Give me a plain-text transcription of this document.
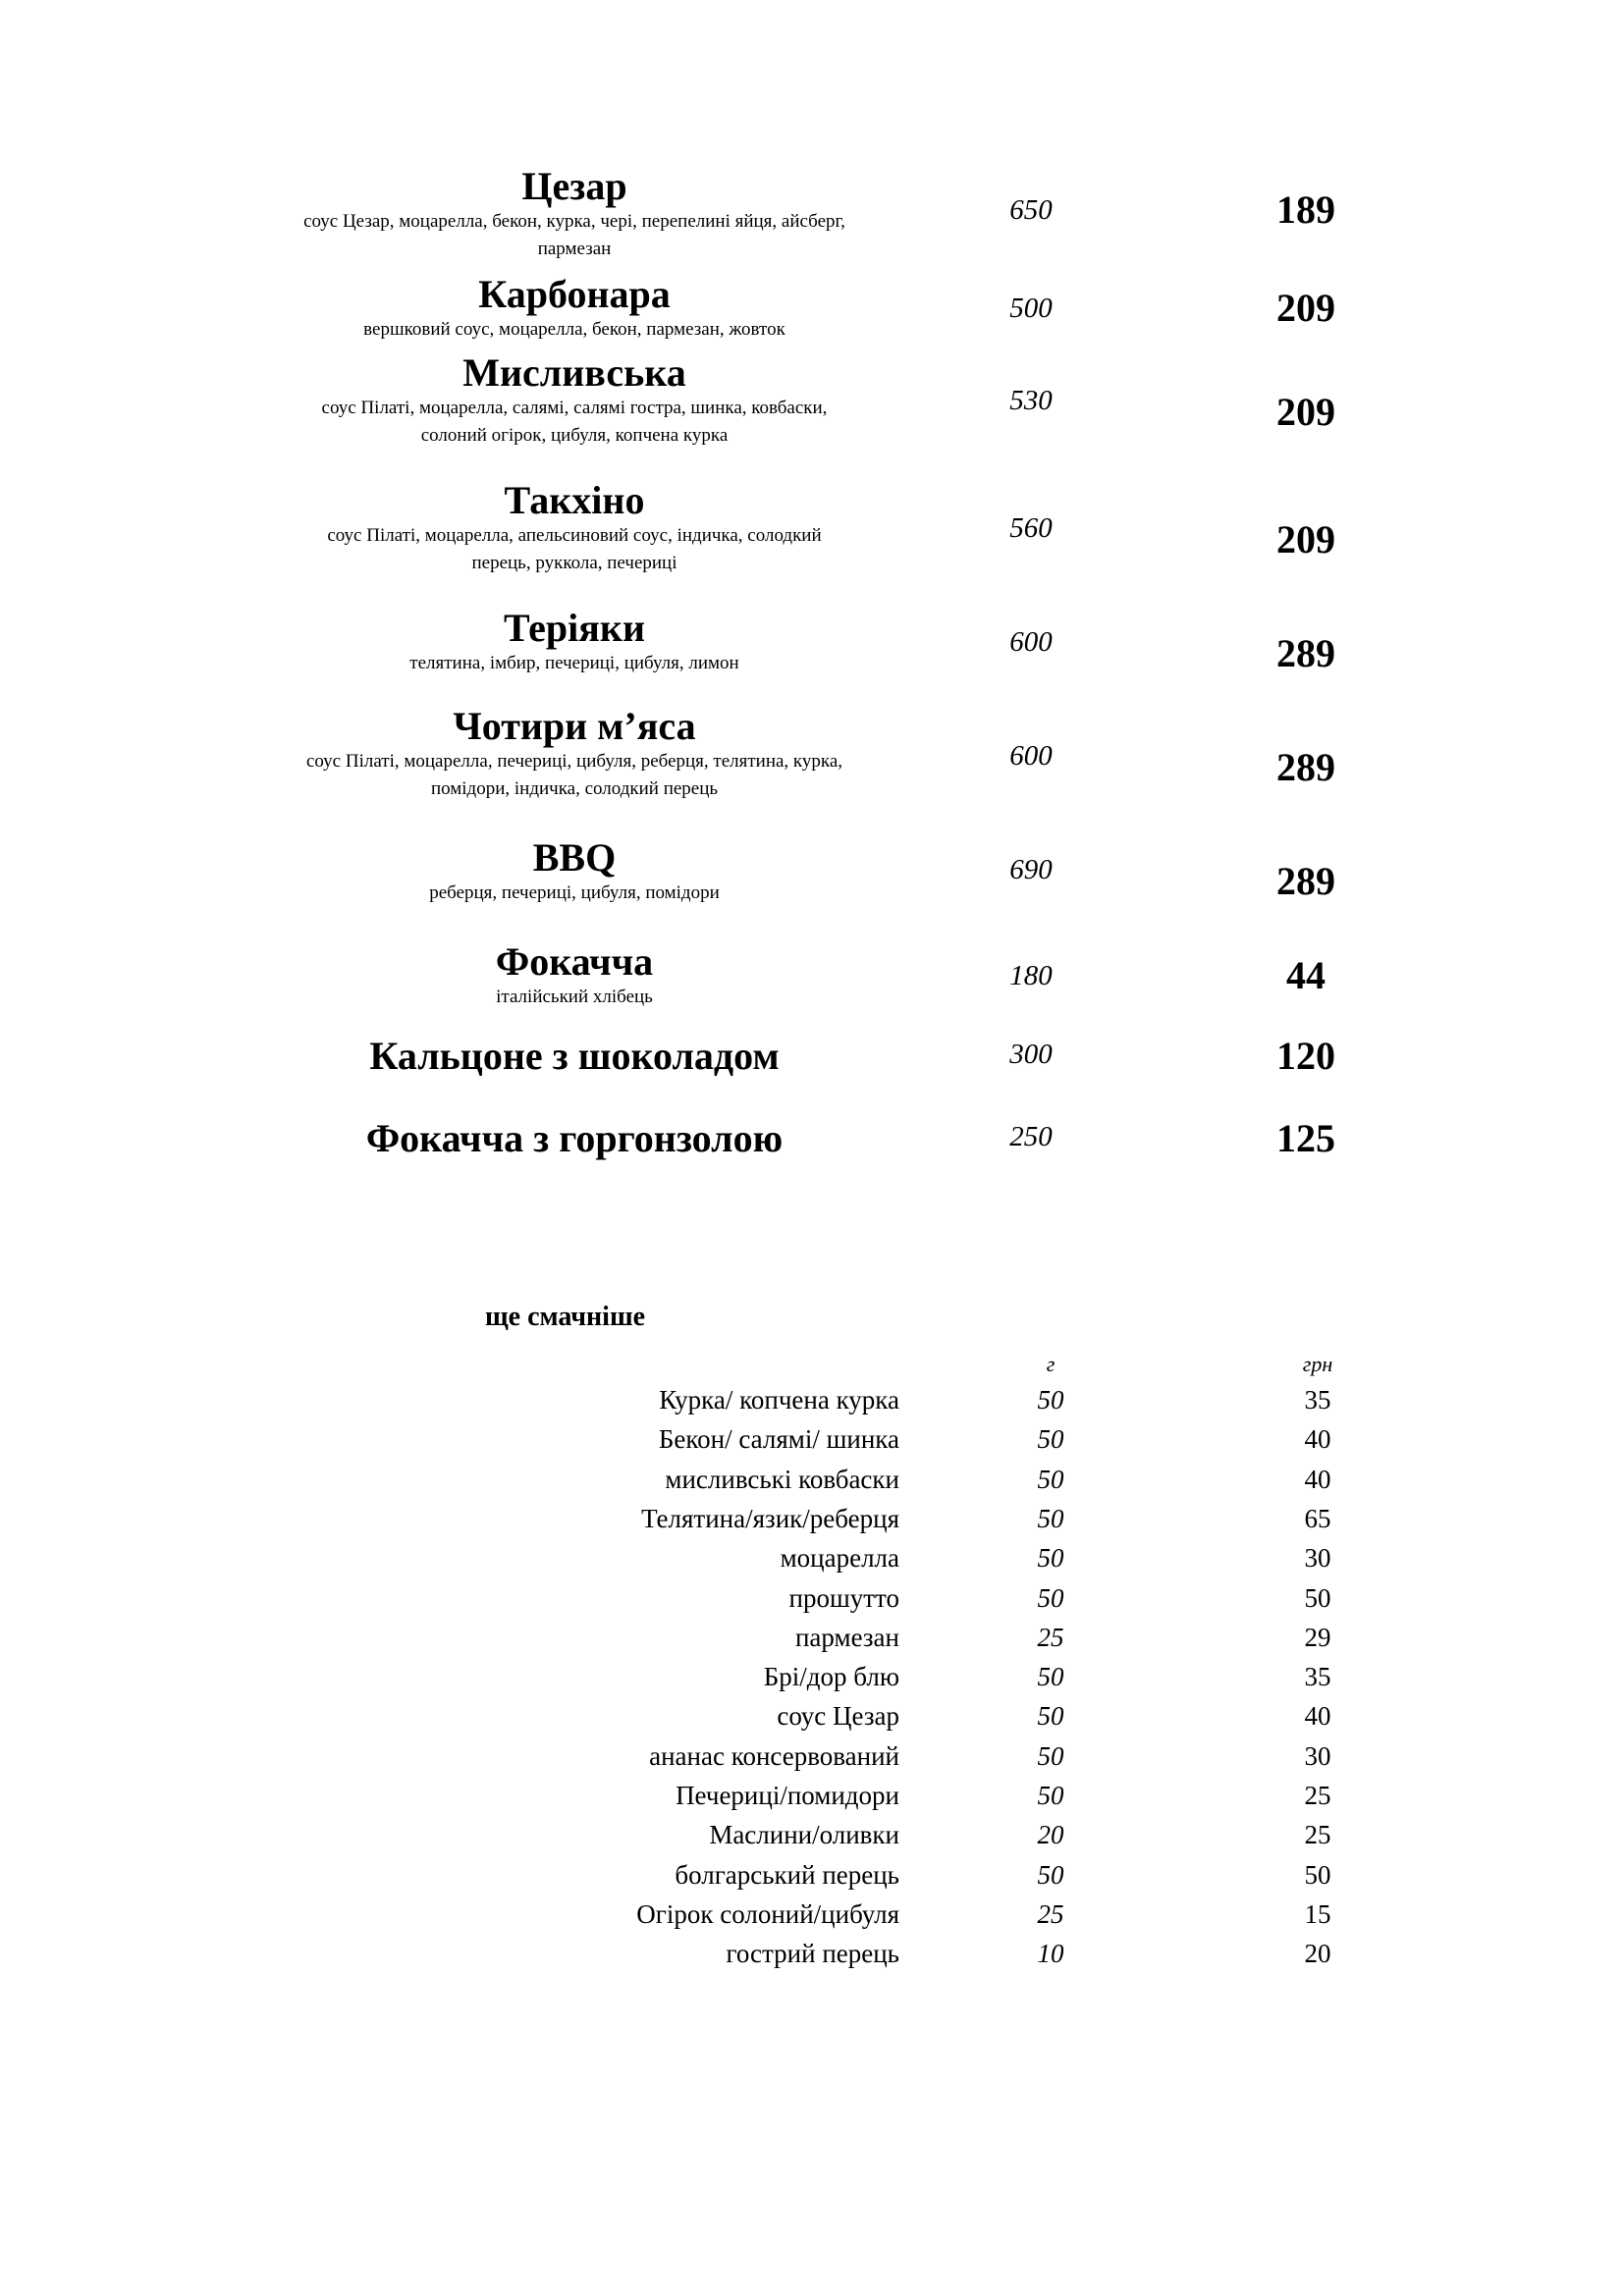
Цезар
соус Цезар, моцарелла, бекон, курка, черi, перепелинi яйця, айсберг,
пармезан
650	189
Карбонара
вершковий соус, моцарелла, бекон, пармезан, жовток
500	209
Мисливська
соус Пiлатi, моцарелла, салямi, салямi гостра, шинка, ковбаски,
солоний огiрок, цибуля, копчена курка
530	209
Такхiно
соус Пiлатi, моцарелла, апельсиновий соус, iндичка, солодкий
перець, руккола, печерицi
560	209
Терiяки
телятина, iмбир, печерицi, цибуля, лимон
600	289
Чотири м’яса
соус Пiлатi, моцарелла, печерицi, цибуля, реберця, телятина, курка,
помiдори, iндичка, солодкий перець
600	289
BBQ
реберця, печерицi, цибуля, помiдори
690	289
Фокачча
iталiйський хлiбець
180	44
Кальцоне з шоколадом	300	120
Фокачча з горгонзолою	250	125
ще смачнiше
г	грн
Курка/ копчена курка	50	35
Бекон/ салямi/ шинка	50	40
мисливськi ковбаски	50	40
Телятина/язик/реберця	50	65
моцарелла	50	30
прошутто	50	50
пармезан	25	29
Брi/дор блю	50	35
соус Цезар	50	40
ананас консервований	50	30
Печерицi/помидори	50	25
Маслини/оливки	20	25
болгарський перець	50	50
Огiрок солоний/цибуля	25	15
гострий перець	10	20
